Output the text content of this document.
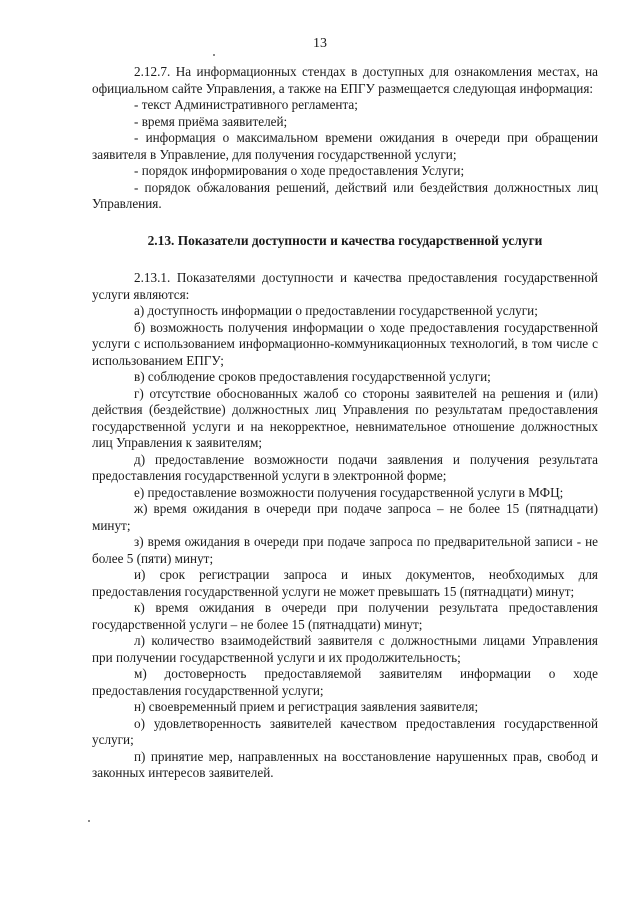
13

2.12.7. На информационных стендах в доступных для ознакомления местах, на официальном сайте Управления, а также на ЕПГУ размещается следующая информация:

- текст Административного регламента;

- время приёма заявителей;

- информация о максимальном времени ожидания в очереди при обращении заявителя в Управление, для получения государственной услуги;

- порядок информирования о ходе предоставления Услуги;

- порядок обжалования решений, действий или бездействия должностных лиц Управления.

2.13. Показатели доступности и качества государственной услуги

2.13.1. Показателями доступности и качества предоставления государственной услуги являются:

а) доступность информации о предоставлении государственной услуги;

б) возможность получения информации о ходе предоставления государственной услуги с использованием информационно-коммуникационных технологий, в том числе с использованием ЕПГУ;

в) соблюдение сроков предоставления государственной услуги;

г) отсутствие обоснованных жалоб со стороны заявителей на решения и (или) действия (бездействие) должностных лиц Управления по результатам предоставления государственной услуги и на некорректное, невнимательное отношение должностных лиц Управления к заявителям;

д) предоставление возможности подачи заявления и получения результата предоставления государственной услуги в электронной форме;

е) предоставление возможности получения государственной услуги в МФЦ;

ж) время ожидания в очереди при подаче запроса – не более 15 (пятнадцати) минут;

з) время ожидания в очереди при подаче запроса по предварительной записи - не более 5 (пяти) минут;

и) срок регистрации запроса и иных документов, необходимых для предоставления государственной услуги не может превышать 15 (пятнадцати) минут;

к) время ожидания в очереди при получении результата предоставления государственной услуги – не более 15 (пятнадцати) минут;

л) количество взаимодействий заявителя с должностными лицами Управления при получении государственной услуги и их продолжительность;

м) достоверность предоставляемой заявителям информации о ходе предоставления государственной услуги;

н) своевременный прием и регистрация заявления заявителя;

о) удовлетворенность заявителей качеством предоставления государственной услуги;

п) принятие мер, направленных на восстановление нарушенных прав, свобод и законных интересов заявителей.
